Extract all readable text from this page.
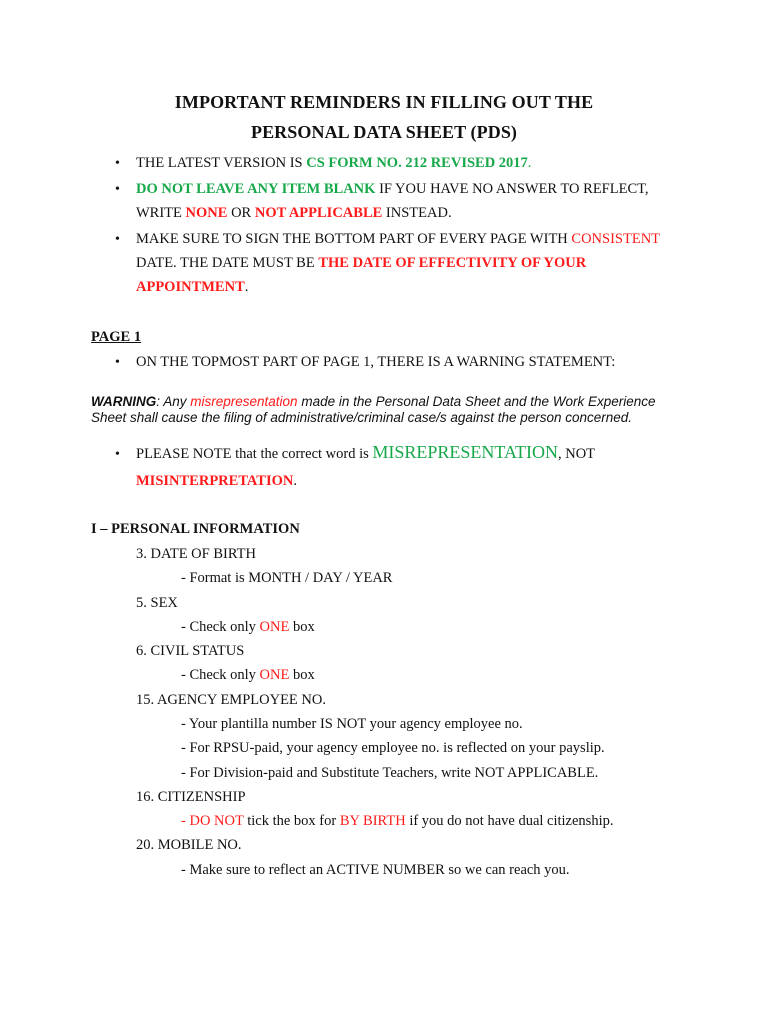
IMPORTANT REMINDERS IN FILLING OUT THE
PERSONAL DATA SHEET (PDS)
• THE LATEST VERSION IS CS FORM NO. 212 REVISED 2017.
• DO NOT LEAVE ANY ITEM BLANK IF YOU HAVE NO ANSWER TO REFLECT,
WRITE NONE OR NOT APPLICABLE INSTEAD.
• MAKE SURE TO SIGN THE BOTTOM PART OF EVERY PAGE WITH CONSISTENT
DATE. THE DATE MUST BE THE DATE OF EFFECTIVITY OF YOUR
APPOINTMENT.
PAGE 1
• ON THE TOPMOST PART OF PAGE 1, THERE IS A WARNING STATEMENT:
WARNING: Any misrepresentation made in the Personal Data Sheet and the Work Experience
Sheet shall cause the filing of administrative/criminal case/s against the person concerned.
• PLEASE NOTE that the correct word is MISREPRESENTATION, NOT
MISINTERPRETATION.
I – PERSONAL INFORMATION
3. DATE OF BIRTH
- Format is MONTH / DAY / YEAR
5. SEX
- Check only ONE box
6. CIVIL STATUS
- Check only ONE box
15. AGENCY EMPLOYEE NO.
- Your plantilla number IS NOT your agency employee no.
- For RPSU-paid, your agency employee no. is reflected on your payslip.
- For Division-paid and Substitute Teachers, write NOT APPLICABLE.
16. CITIZENSHIP
- DO NOT tick the box for BY BIRTH if you do not have dual citizenship.
20. MOBILE NO.
- Make sure to reflect an ACTIVE NUMBER so we can reach you.
